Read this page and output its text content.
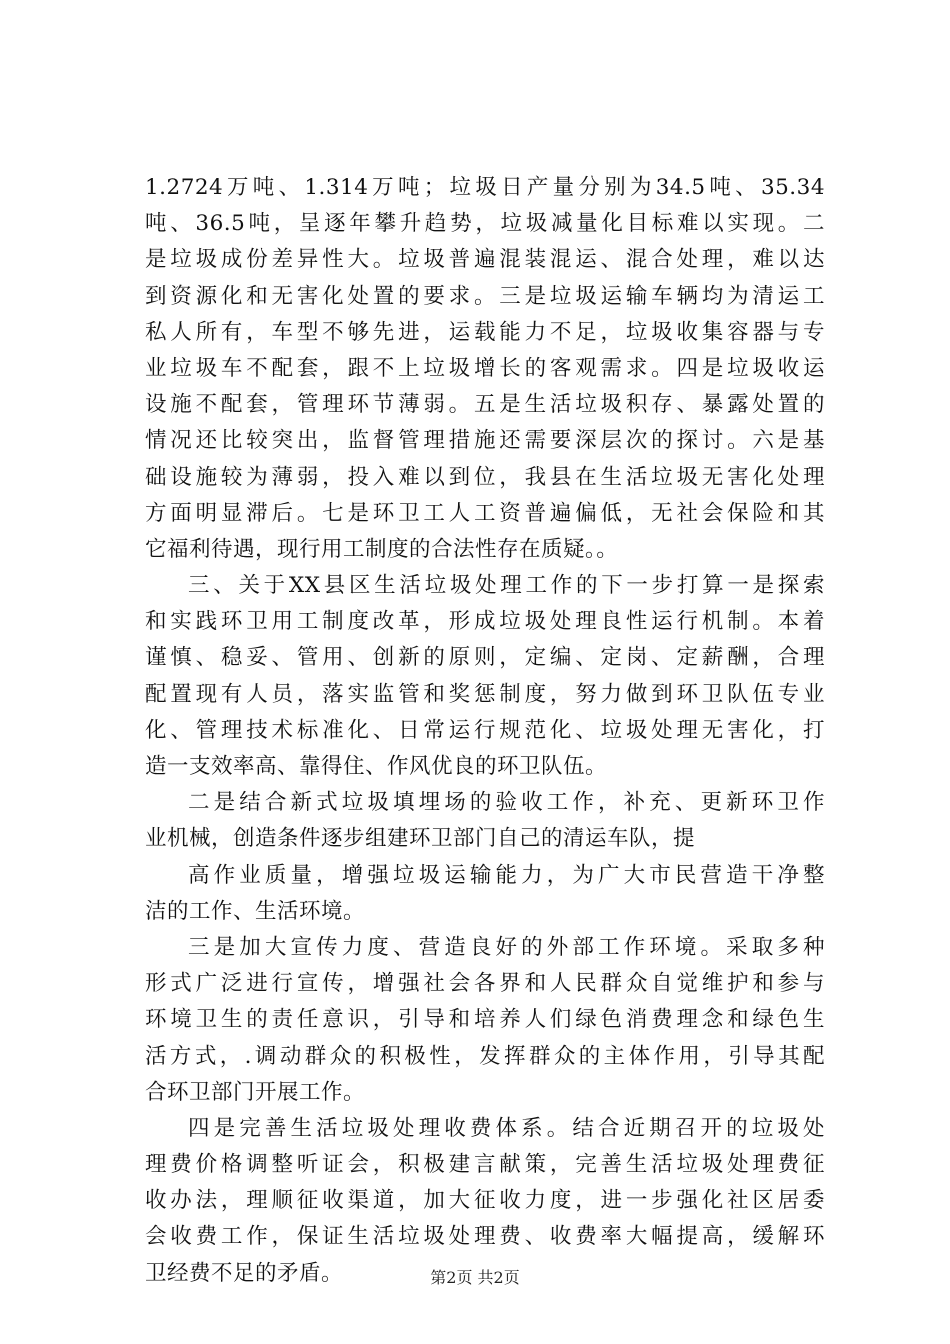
1.2724万吨、1.314万吨；垃圾日产量分别为34.5吨、35.34
吨、36.5吨，呈逐年攀升趋势，垃圾减量化目标难以实现。二
是垃圾成份差异性大。垃圾普遍混装混运、混合处理，难以达
到资源化和无害化处置的要求。三是垃圾运输车辆均为清运工
私人所有，车型不够先进，运载能力不足，垃圾收集容器与专
业垃圾车不配套，跟不上垃圾增长的客观需求。四是垃圾收运
设施不配套，管理环节薄弱。五是生活垃圾积存、暴露处置的
情况还比较突出，监督管理措施还需要深层次的探讨。六是基
础设施较为薄弱，投入难以到位，我县在生活垃圾无害化处理
方面明显滞后。七是环卫工人工资普遍偏低，无社会保险和其
它福利待遇，现行用工制度的合法性存在质疑。。
三、关于XX县区生活垃圾处理工作的下一步打算一是探索
和实践环卫用工制度改革，形成垃圾处理良性运行机制。本着
谨慎、稳妥、管用、创新的原则，定编、定岗、定薪酬，合理
配置现有人员，落实监管和奖惩制度，努力做到环卫队伍专业
化、管理技术标准化、日常运行规范化、垃圾处理无害化，打
造一支效率高、靠得住、作风优良的环卫队伍。
二是结合新式垃圾填埋场的验收工作，补充、更新环卫作
业机械，创造条件逐步组建环卫部门自己的清运车队，提
高作业质量，增强垃圾运输能力，为广大市民营造干净整
洁的工作、生活环境。
三是加大宣传力度、营造良好的外部工作环境。采取多种
形式广泛进行宣传，增强社会各界和人民群众自觉维护和参与
环境卫生的责任意识，引导和培养人们绿色消费理念和绿色生
活方式，.调动群众的积极性，发挥群众的主体作用，引导其配
合环卫部门开展工作。
四是完善生活垃圾处理收费体系。结合近期召开的垃圾处
理费价格调整听证会，积极建言献策，完善生活垃圾处理费征
收办法，理顺征收渠道，加大征收力度，进一步强化社区居委
会收费工作，保证生活垃圾处理费、收费率大幅提高，缓解环
卫经费不足的矛盾。	第2页 共2页
